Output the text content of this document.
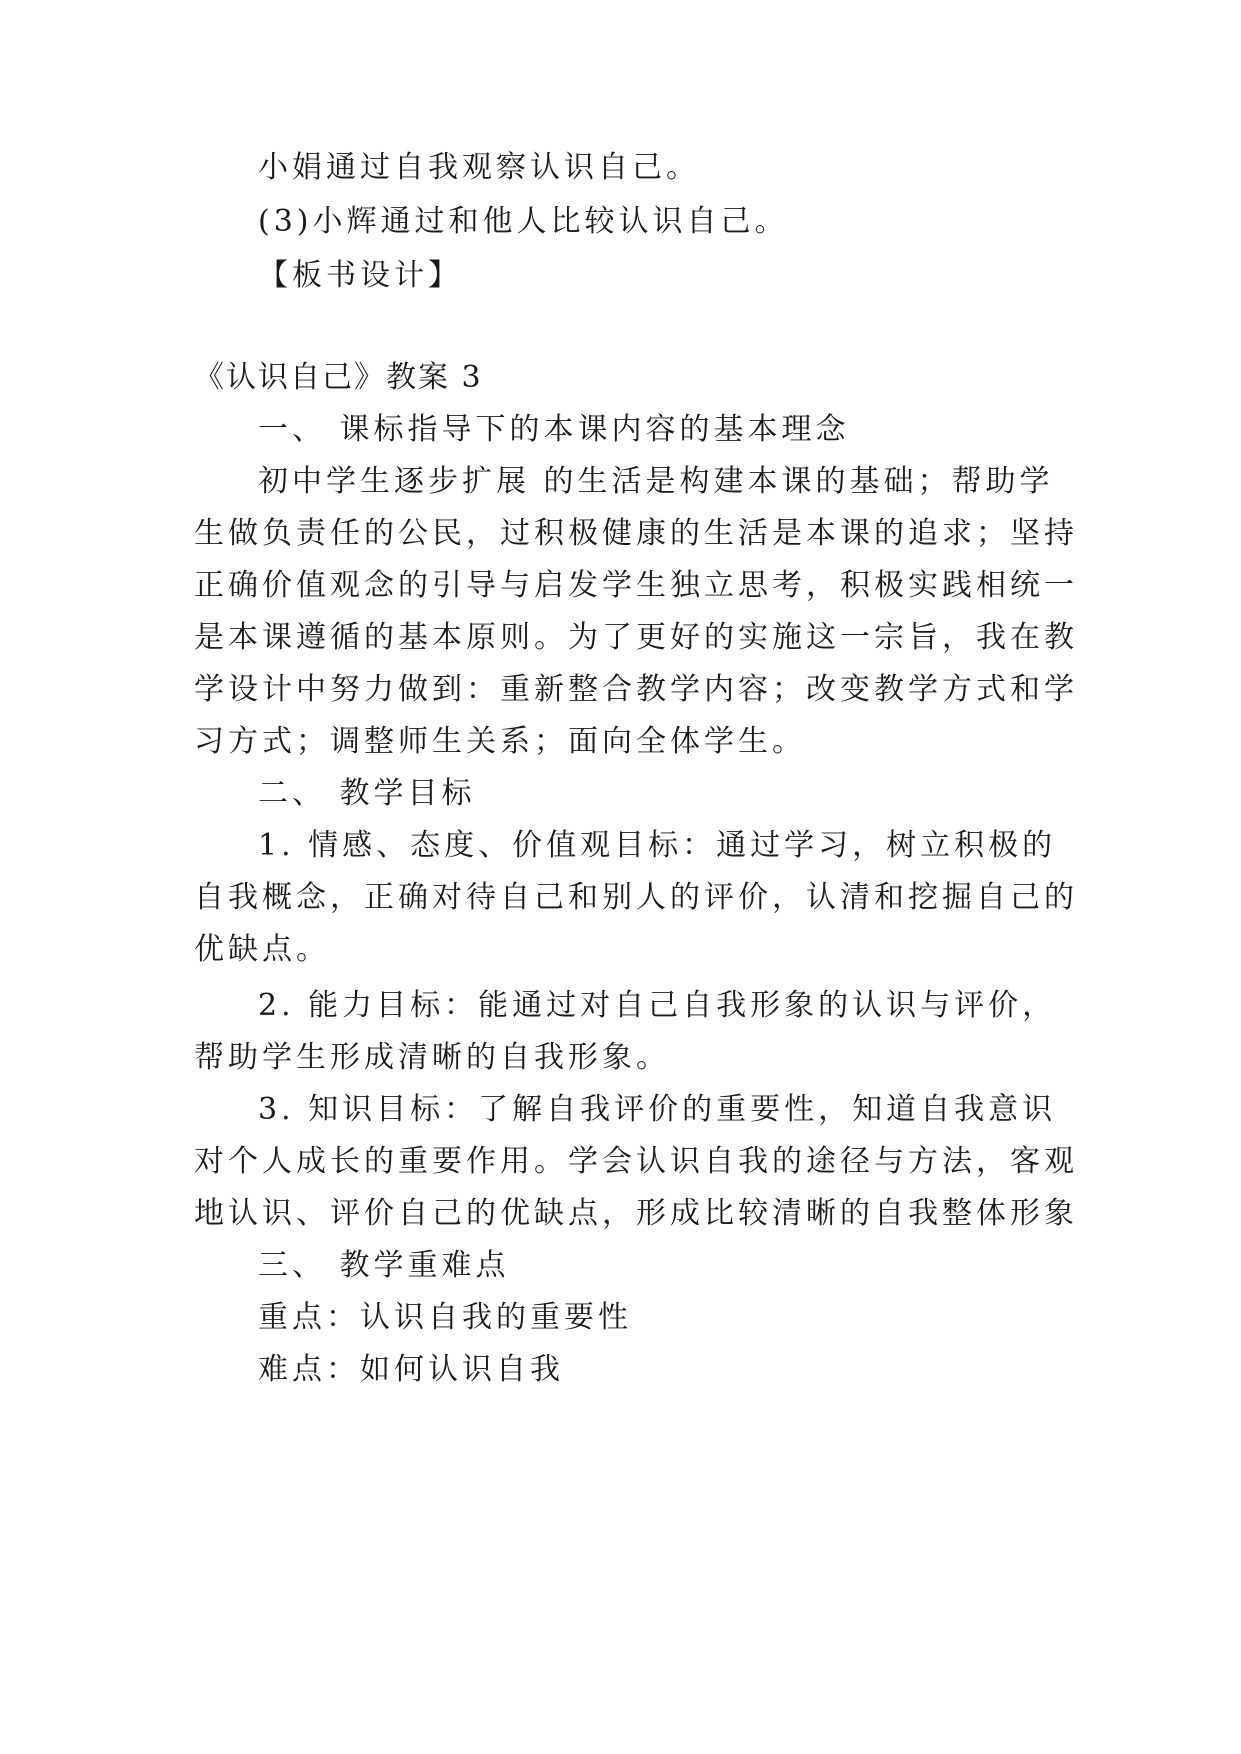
小娟通过自我观察认识自己。
(3)小辉通过和他人比较认识自己。
【板书设计】
《认识自己》教案 3
一、 课标指导下的本课内容的基本理念
初中学生逐步扩展 的生活是构建本课的基础；帮助学
生做负责任的公民，过积极健康的生活是本课的追求；坚持
正确价值观念的引导与启发学生独立思考，积极实践相统一
是本课遵循的基本原则。为了更好的实施这一宗旨，我在教
学设计中努力做到：重新整合教学内容；改变教学方式和学
习方式；调整师生关系；面向全体学生。
二、 教学目标
1. 情感、态度、价值观目标：通过学习，树立积极的
自我概念，正确对待自己和别人的评价，认清和挖掘自己的
优缺点。
2. 能力目标：能通过对自己自我形象的认识与评价，
帮助学生形成清晰的自我形象。
3. 知识目标：了解自我评价的重要性，知道自我意识
对个人成长的重要作用。学会认识自我的途径与方法，客观
地认识、评价自己的优缺点，形成比较清晰的自我整体形象
三、 教学重难点
重点：认识自我的重要性
难点：如何认识自我
